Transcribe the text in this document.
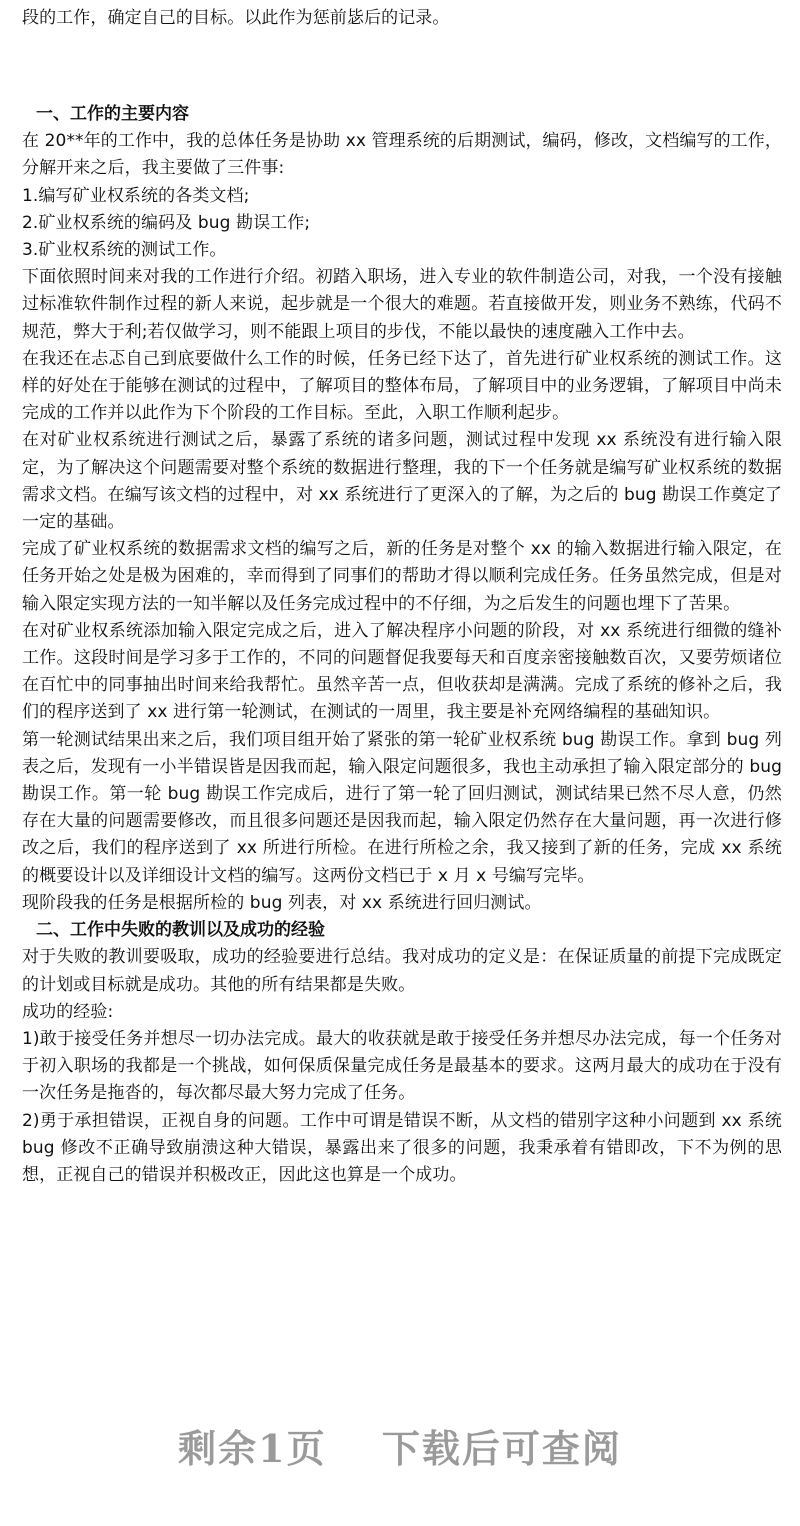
段的工作，确定自己的目标。以此作为惩前毖后的记录。

一、工作的主要内容

在 20**年的工作中，我的总体任务是协助 xx 管理系统的后期测试，编码，修改，文档编写的工作，分解开来之后，我主要做了三件事:

1.编写矿业权系统的各类文档;

2.矿业权系统的编码及 bug 勘误工作;

3.矿业权系统的测试工作。

下面依照时间来对我的工作进行介绍。初踏入职场，进入专业的软件制造公司，对我，一个没有接触过标准软件制作过程的新人来说，起步就是一个很大的难题。若直接做开发，则业务不熟练，代码不规范，弊大于利;若仅做学习，则不能跟上项目的步伐，不能以最快的速度融入工作中去。

在我还在忐忑自己到底要做什么工作的时候，任务已经下达了，首先进行矿业权系统的测试工作。这样的好处在于能够在测试的过程中，了解项目的整体布局，了解项目中的业务逻辑，了解项目中尚未完成的工作并以此作为下个阶段的工作目标。至此，入职工作顺利起步。

在对矿业权系统进行测试之后，暴露了系统的诸多问题，测试过程中发现 xx 系统没有进行输入限定，为了解决这个问题需要对整个系统的数据进行整理，我的下一个任务就是编写矿业权系统的数据需求文档。在编写该文档的过程中，对 xx 系统进行了更深入的了解，为之后的 bug 勘误工作奠定了一定的基础。

完成了矿业权系统的数据需求文档的编写之后，新的任务是对整个 xx 的输入数据进行输入限定，在任务开始之处是极为困难的，幸而得到了同事们的帮助才得以顺利完成任务。任务虽然完成，但是对输入限定实现方法的一知半解以及任务完成过程中的不仔细，为之后发生的问题也埋下了苦果。

在对矿业权系统添加输入限定完成之后，进入了解决程序小问题的阶段，对 xx 系统进行细微的缝补工作。这段时间是学习多于工作的，不同的问题督促我要每天和百度亲密接触数百次，又要劳烦诸位在百忙中的同事抽出时间来给我帮忙。虽然辛苦一点，但收获却是满满。完成了系统的修补之后，我们的程序送到了 xx 进行第一轮测试，在测试的一周里，我主要是补充网络编程的基础知识。

第一轮测试结果出来之后，我们项目组开始了紧张的第一轮矿业权系统 bug 勘误工作。拿到 bug 列表之后，发现有一小半错误皆是因我而起，输入限定问题很多，我也主动承担了输入限定部分的 bug 勘误工作。第一轮 bug 勘误工作完成后，进行了第一轮了回归测试，测试结果已然不尽人意，仍然存在大量的问题需要修改，而且很多问题还是因我而起，输入限定仍然存在大量问题，再一次进行修改之后，我们的程序送到了 xx 所进行所检。在进行所检之余，我又接到了新的任务，完成 xx 系统的概要设计以及详细设计文档的编写。这两份文档已于 x 月 x 号编写完毕。

现阶段我的任务是根据所检的 bug 列表，对 xx 系统进行回归测试。

二、工作中失败的教训以及成功的经验

对于失败的教训要吸取，成功的经验要进行总结。我对成功的定义是：在保证质量的前提下完成既定的计划或目标就是成功。其他的所有结果都是失败。

成功的经验:

1)敢于接受任务并想尽一切办法完成。最大的收获就是敢于接受任务并想尽办法完成，每一个任务对于初入职场的我都是一个挑战，如何保质保量完成任务是最基本的要求。这两月最大的成功在于没有一次任务是拖沓的，每次都尽最大努力完成了任务。

2)勇于承担错误，正视自身的问题。工作中可谓是错误不断，从文档的错别字这种小问题到 xx 系统 bug 修改不正确导致崩溃这种大错误，暴露出来了很多的问题，我秉承着有错即改，下不为例的思想，正视自己的错误并积极改正，因此这也算是一个成功。

剩余1页 下载后可查阅
